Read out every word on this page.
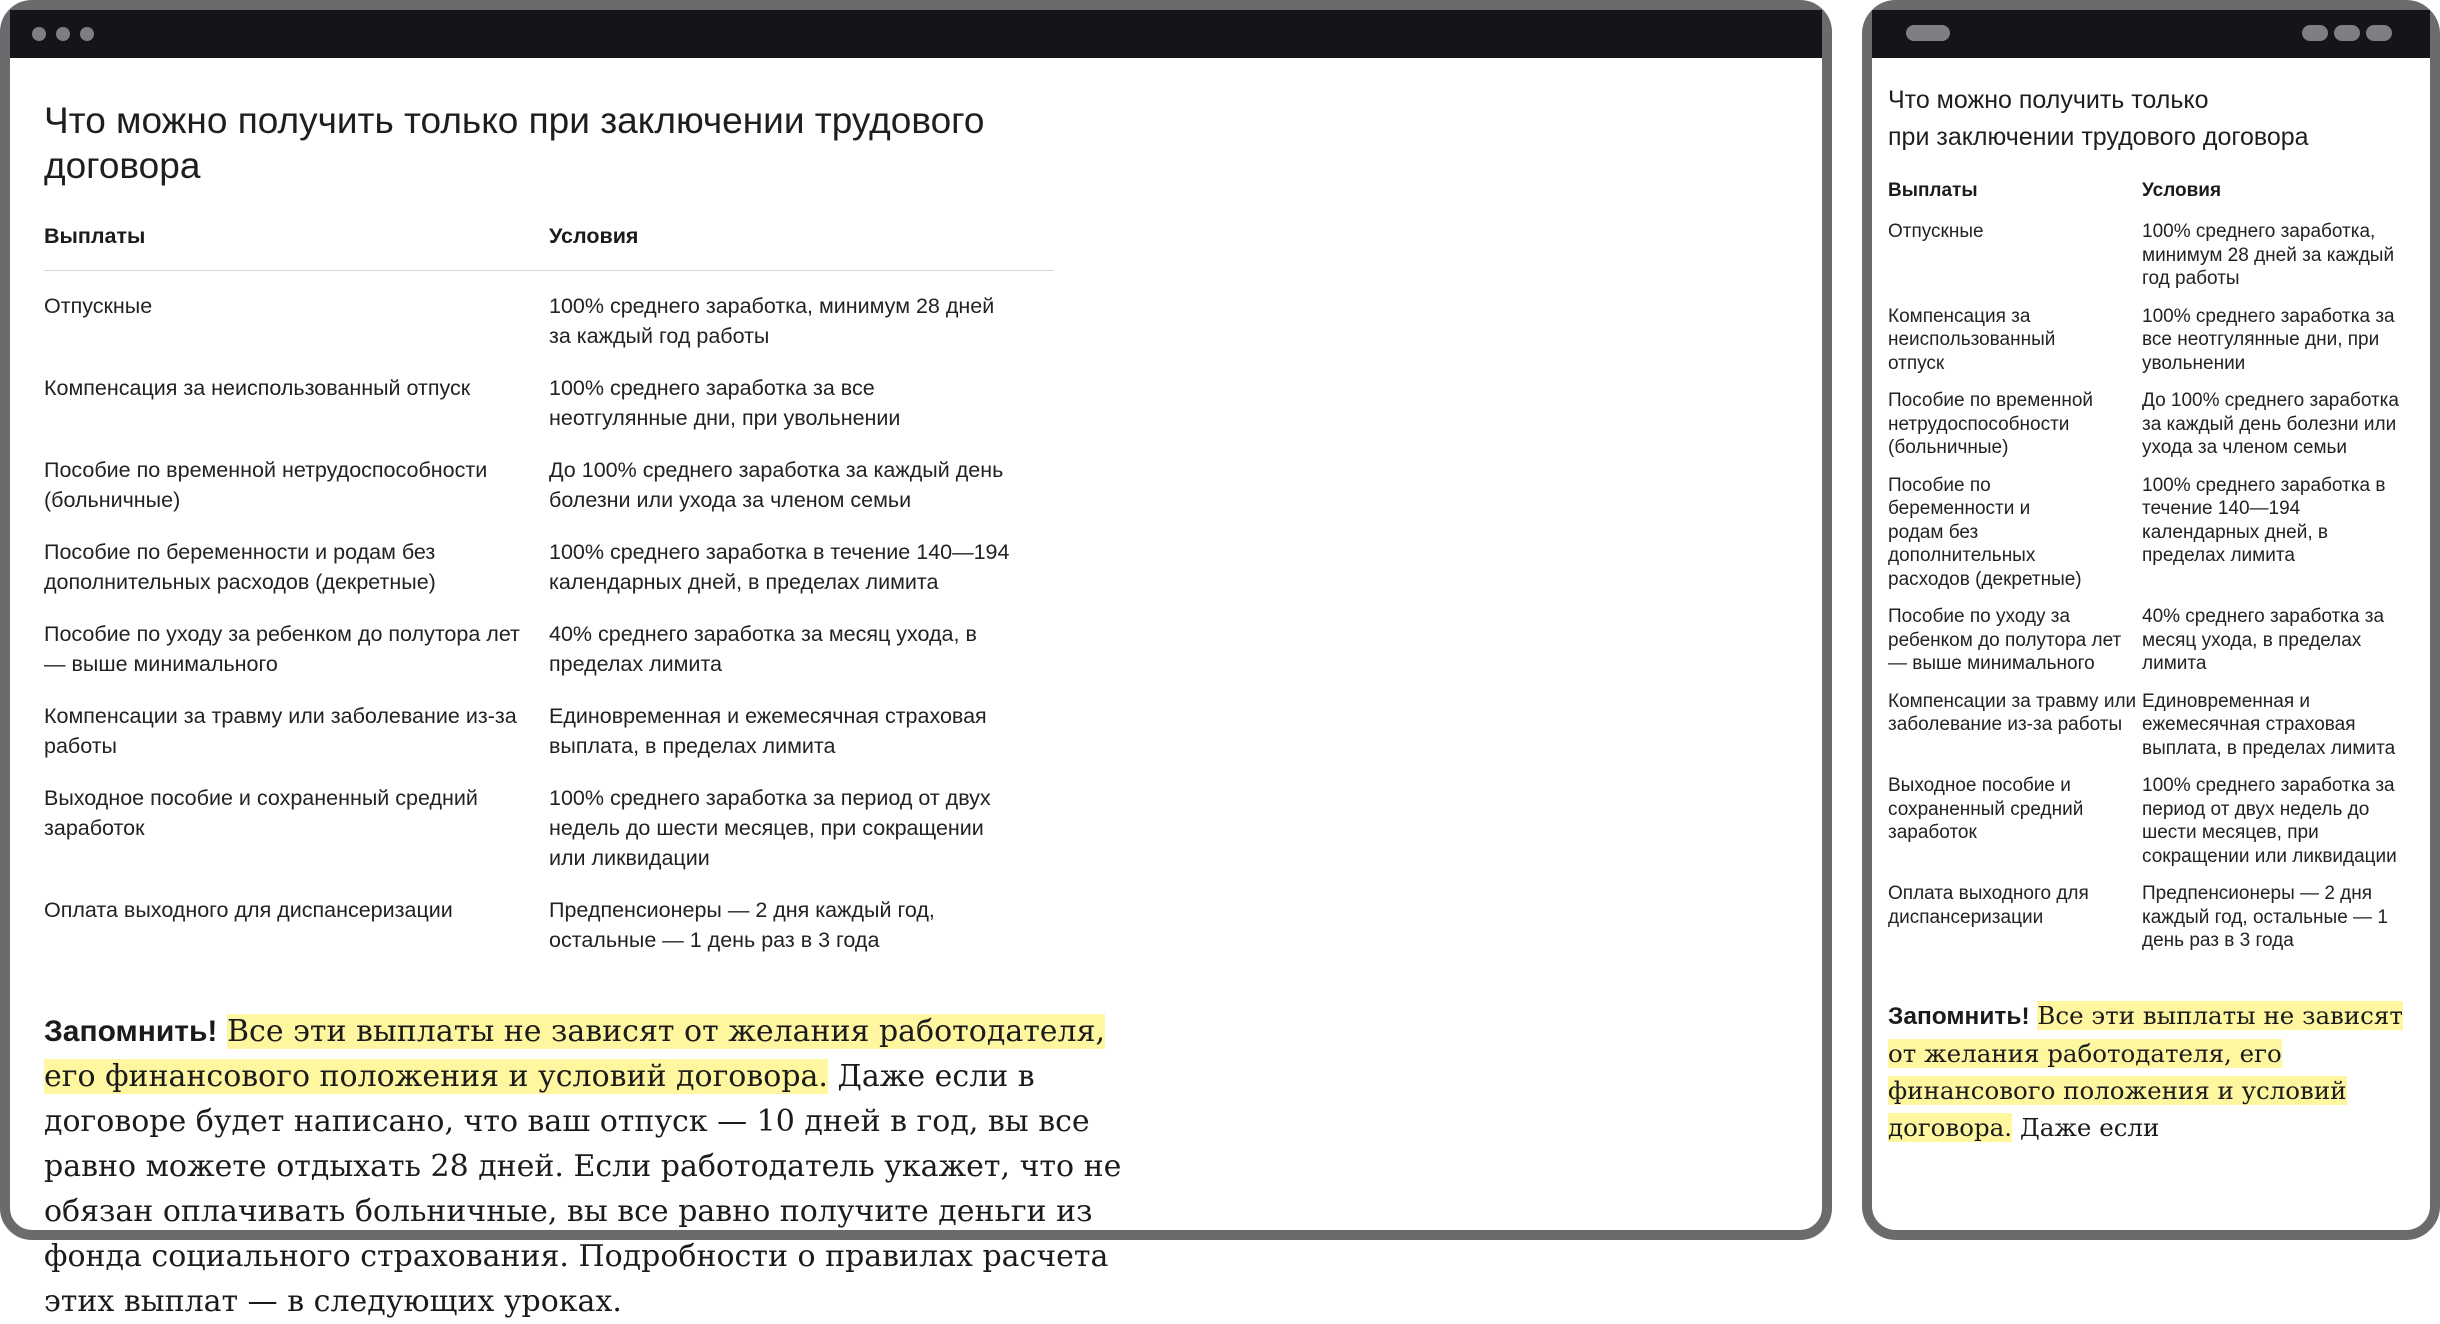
Что можно получить только при заключении трудового договора
Выплаты	Условия
Отпускные	100% среднего заработка, минимум 28 дней за каждый год работы
Компенсация за неиспользованный отпуск	100% среднего заработка за все неотгулянные дни, при увольнении
Пособие по временной нетрудоспособности (больничные)	До 100% среднего заработка за каждый день болезни или ухода за членом семьи
Пособие по беременности и родам без дополнительных расходов (декретные)	100% среднего заработка в течение 140—194 календарных дней, в пределах лимита
Пособие по уходу за ребенком до полутора лет — выше минимального	40% среднего заработка за месяц ухода, в пределах лимита
Компенсации за травму или заболевание из-за работы	Единовременная и ежемесячная страховая выплата, в пределах лимита
Выходное пособие и сохраненный средний заработок	100% среднего заработка за период от двух недель до шести месяцев, при сокращении или ликвидации
Оплата выходного для диспансеризации	Предпенсионеры — 2 дня каждый год, остальные — 1 день раз в 3 года

Запомнить! Все эти выплаты не зависят от желания работодателя, его финансового положения и условий договора. Даже если в договоре будет написано, что ваш отпуск — 10 дней в год, вы все равно можете отдыхать 28 дней. Если работодатель укажет, что не обязан оплачивать больничные, вы все равно получите деньги из фонда социального страхования. Подробности о правилах расчета этих выплат — в следующих уроках.

Что можно получить только
при заключении трудового договора
Выплаты	Условия
Отпускные	100% среднего заработка, минимум 28 дней за каждый год работы
Компенсация за неиспользованный отпуск	100% среднего заработка за все неотгулянные дни, при увольнении
Пособие по временной нетрудоспособности (больничные)	До 100% среднего заработка за каждый день болезни или ухода за членом семьи
Пособие по беременности и родам без дополнительных расходов (декретные)	100% среднего заработка в течение 140—194 календарных дней, в пределах лимита
Пособие по уходу за ребенком до полутора лет — выше минимального	40% среднего заработка за месяц ухода, в пределах лимита
Компенсации за травму или заболевание из-за работы	Единовременная и ежемесячная страховая выплата, в пределах лимита
Выходное пособие и сохраненный средний заработок	100% среднего заработка за период от двух недель до шести месяцев, при сокращении или ликвидации
Оплата выходного для диспансеризации	Предпенсионеры — 2 дня каждый год, остальные — 1 день раз в 3 года

Запомнить! Все эти выплаты не зависят от желания работодателя, его финансового положения и условий договора. Даже если
